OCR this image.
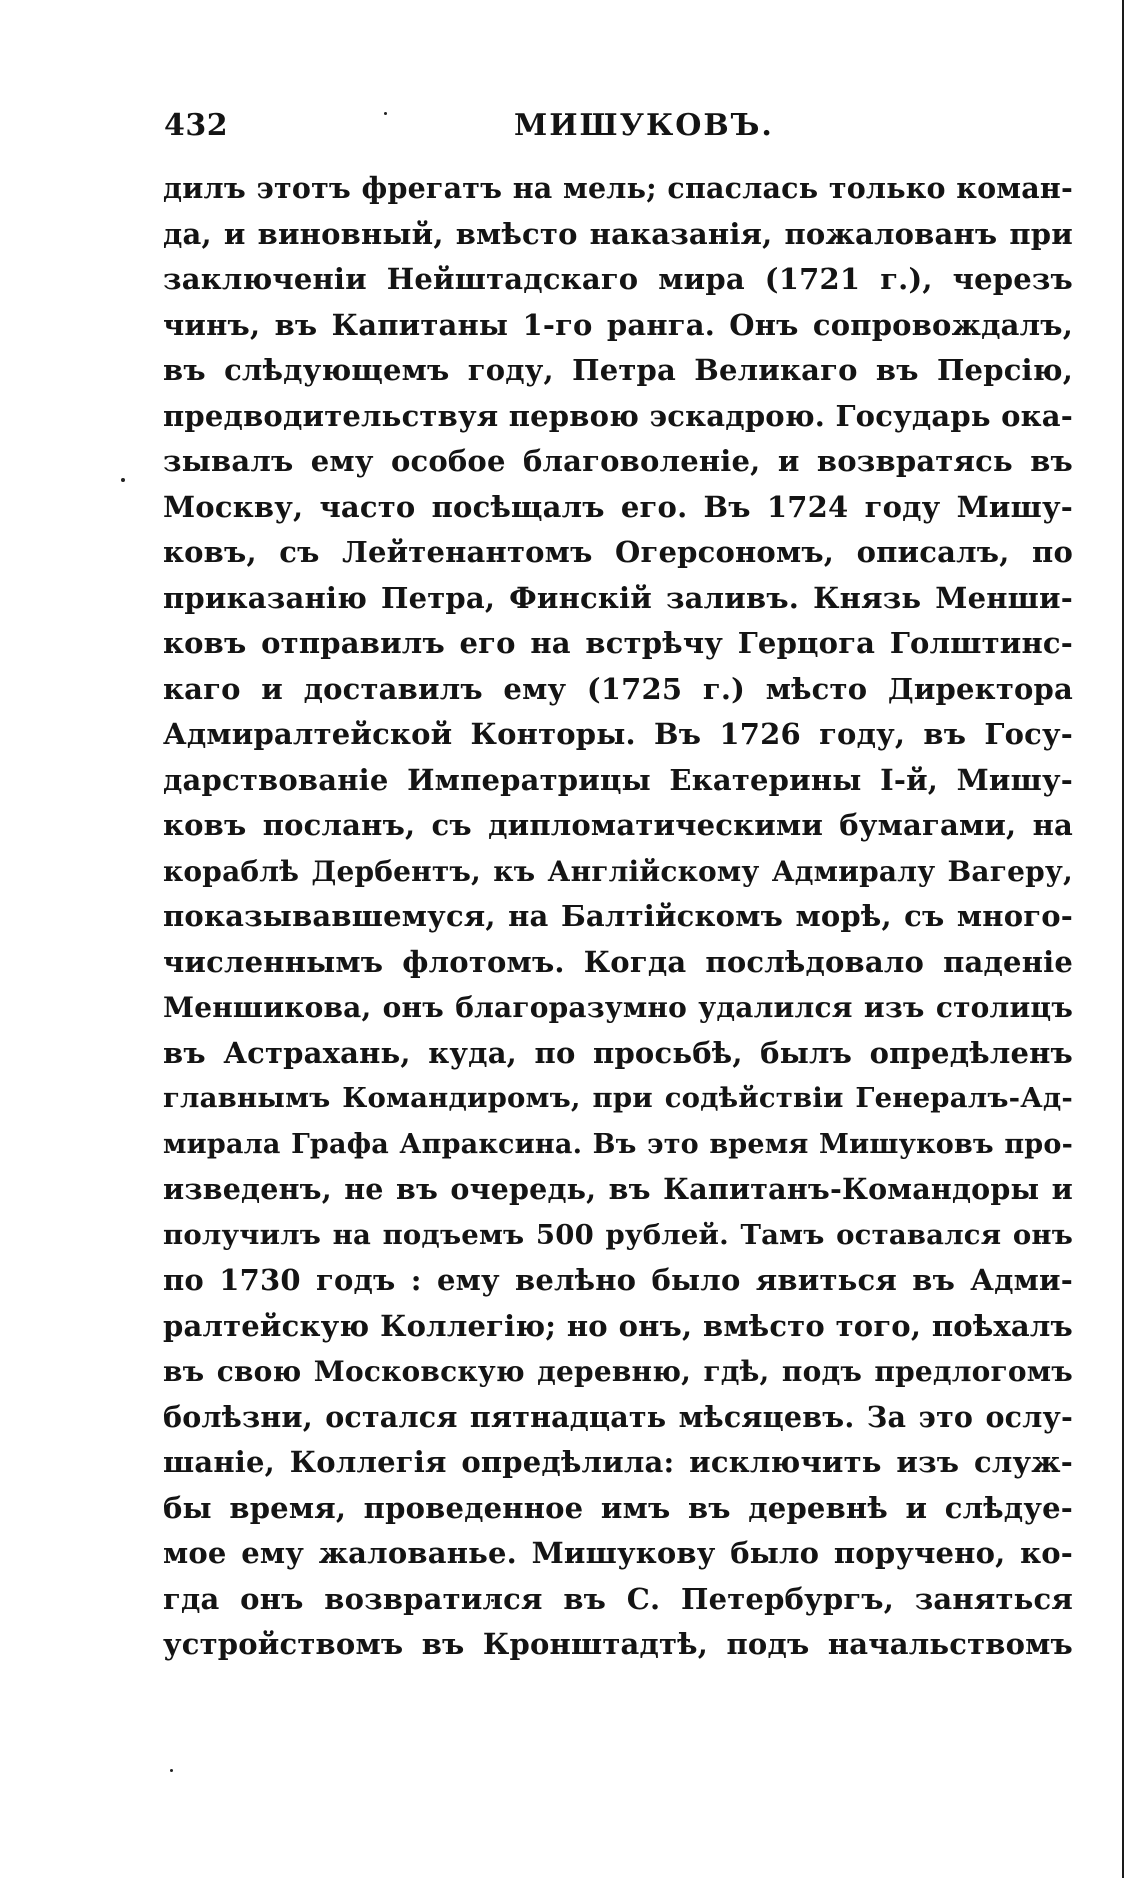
432	МИШУКОВЪ.
дилъ этотъ фрегатъ на мель; спаслась только коман-
да, и виновный, вмѣсто наказанія, пожалованъ при
заключеніи Нейштадскаго мира (1721 г.), черезъ
чинъ, въ Капитаны 1-го ранга. Онъ сопровождалъ,
въ слѣдующемъ году, Петра Великаго въ Персію,
предводительствуя первою эскадрою. Государь ока-
зывалъ ему особое благоволеніе, и возвратясь въ
Москву, часто посѣщалъ его. Въ 1724 году Мишу-
ковъ, съ Лейтенантомъ Огерсономъ, описалъ, по
приказанію Петра, Финскій заливъ. Князь Менши-
ковъ отправилъ его на встрѣчу Герцога Голштинс-
каго и доставилъ ему (1725 г.) мѣсто Директора
Адмиралтейской Конторы. Въ 1726 году, въ Госу-
дарствованіе Императрицы Екатерины І-й, Мишу-
ковъ посланъ, съ дипломатическими бумагами, на
кораблѣ Дербентъ, къ Англійскому Адмиралу Вагеру,
показывавшемуся, на Балтійскомъ морѣ, съ много-
численнымъ флотомъ. Когда послѣдовало паденіе
Меншикова, онъ благоразумно удалился изъ столицъ
въ Астрахань, куда, по просьбѣ, былъ опредѣленъ
главнымъ Командиромъ, при содѣйствіи Генералъ-Ад-
мирала Графа Апраксина. Въ это время Мишуковъ про-
изведенъ, не въ очередь, въ Капитанъ-Командоры и
получилъ на подъемъ 500 рублей. Тамъ оставался онъ
по 1730 годъ : ему велѣно было явиться въ Адми-
ралтейскую Коллегію; но онъ, вмѣсто того, поѣхалъ
въ свою Московскую деревню, гдѣ, подъ предлогомъ
болѣзни, остался пятнадцать мѣсяцевъ. За это ослу-
шаніе, Коллегія опредѣлила: исключить изъ служ-
бы время, проведенное имъ въ деревнѣ и слѣдуе-
мое ему жалованье. Мишукову было поручено, ко-
гда онъ возвратился въ С. Петербургъ, заняться
устройствомъ въ Кронштадтѣ, подъ начальствомъ
